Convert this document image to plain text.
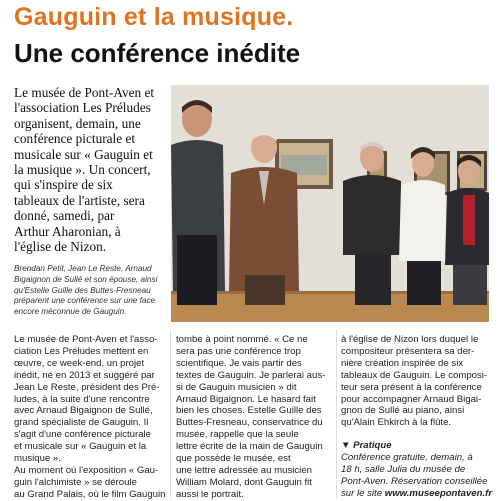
Gauguin et la musique.
Une conférence inédite
Le musée de Pont-Aven et
l'association Les Préludes
organisent, demain, une
conférence picturale et
musicale sur « Gauguin et
la musique ». Un concert,
qui s'inspire de six
tableaux de l'artiste, sera
donné, samedi, par
Arthur Aharonian, à
l'église de Nizon.
Brendan Petit, Jean Le Reste, Arnaud
Bigaignon de Sullé et son épouse, ainsi
qu'Estelle Guille des Buttes-Fresneau
préparent une conférence sur une face
encore méconnue de Gauguin.
Le musée de Pont-Aven et l'asso-
ciation Les Préludes mettent en
œuvre, ce week-end, un projet
inédit, né en 2013 et suggéré par
Jean Le Reste, président des Pré-
ludes, à la suite d'une rencontre
avec Arnaud Bigaignon de Sullé,
grand spécialiste de Gauguin. Il
s'agit d'une conférence picturale
et musicale sur « Gauguin et la
musique ».
Au moment où l'exposition « Gau-
guin l'alchimiste » se déroule
au Grand Palais, où le film Gauguin
tombe à point nommé. « Ce ne
sera pas une conférence trop
scientifique. Je vais partir des
textes de Gauguin. Je parlerai aus-
si de Gauguin musicien » dit
Arnaud Bigaignon. Le hasard fait
bien les choses. Estelle Guille des
Buttes-Fresneau, conservatrice du
musée, rappelle que la seule
lettre écrite de la main de Gauguin
que possède le musée, est
une lettre adressée au musicien
William Molard, dont Gauguin fit
aussi le portrait.
à l'église de Nizon lors duquel le
compositeur présentera sa der-
nière création inspirée de six
tableaux de Gauguin. Le composi-
teur sera présent à la conférence
pour accompagner Arnaud Bigai-
gnon de Sullé au piano, ainsi
qu'Alain Ehkirch à la flûte.
▼ Pratique
Conférence gratuite, demain, à
18 h, salle Julia du musée de
Pont-Aven. Réservation conseillée
sur le site www.museepontaven.fr
